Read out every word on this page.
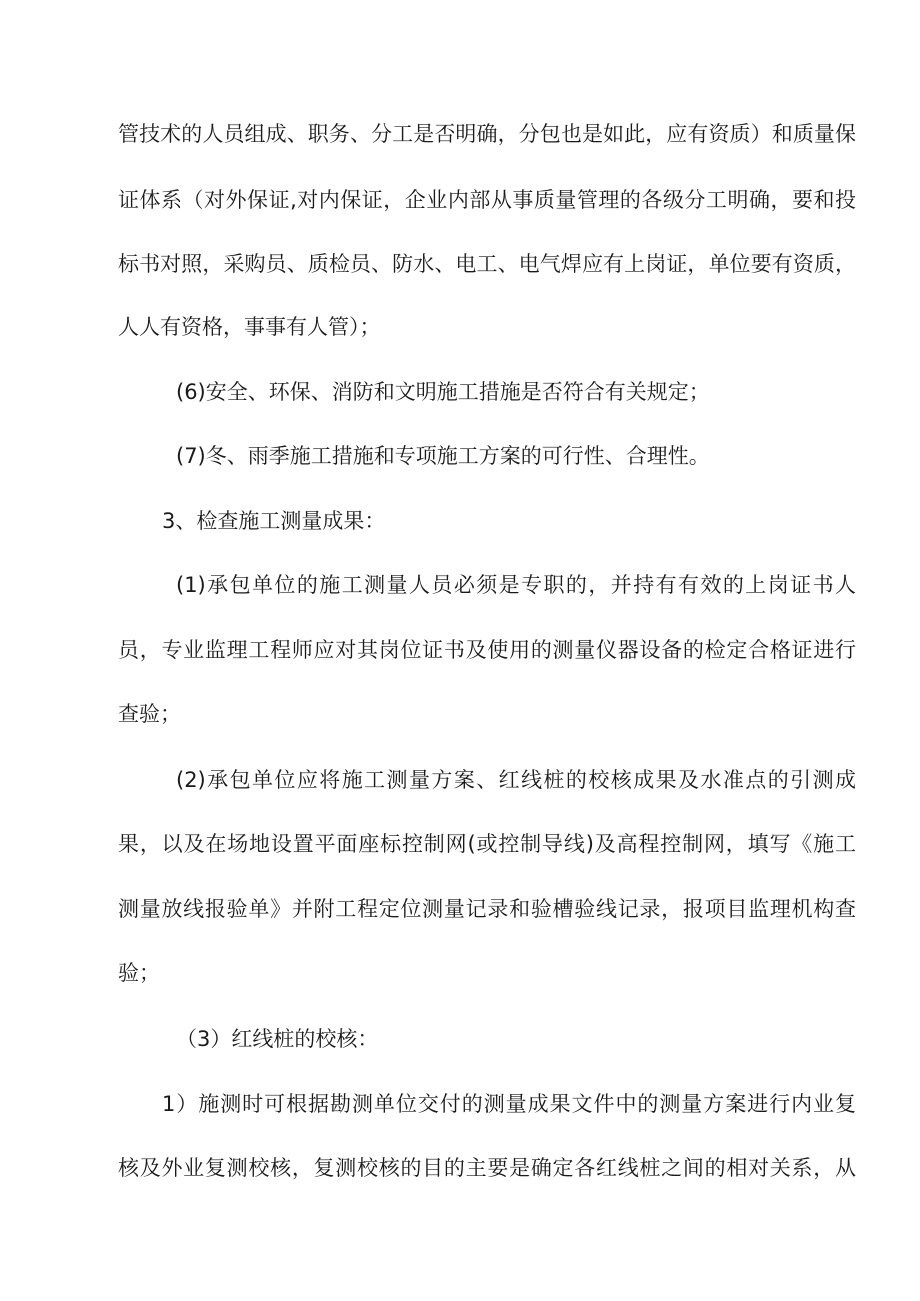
管技术的人员组成、职务、分工是否明确，分包也是如此，应有资质）和质量保
证体系（对外保证,对内保证，企业内部从事质量管理的各级分工明确，要和投
标书对照，采购员、质检员、防水、电工、电气焊应有上岗证，单位要有资质，
人人有资格，事事有人管）；
(6)安全、环保、消防和文明施工措施是否符合有关规定；
(7)冬、雨季施工措施和专项施工方案的可行性、合理性。
3、检查施工测量成果：
(1)承包单位的施工测量人员必须是专职的，并持有有效的上岗证书人
员，专业监理工程师应对其岗位证书及使用的测量仪器设备的检定合格证进行
查验；
(2)承包单位应将施工测量方案、红线桩的校核成果及水准点的引测成
果，以及在场地设置平面座标控制网(或控制导线)及高程控制网，填写《施工
测量放线报验单》并附工程定位测量记录和验槽验线记录，报项目监理机构查
验；
（3）红线桩的校核：
1）施测时可根据勘测单位交付的测量成果文件中的测量方案进行内业复
核及外业复测校核，复测校核的目的主要是确定各红线桩之间的相对关系，从
